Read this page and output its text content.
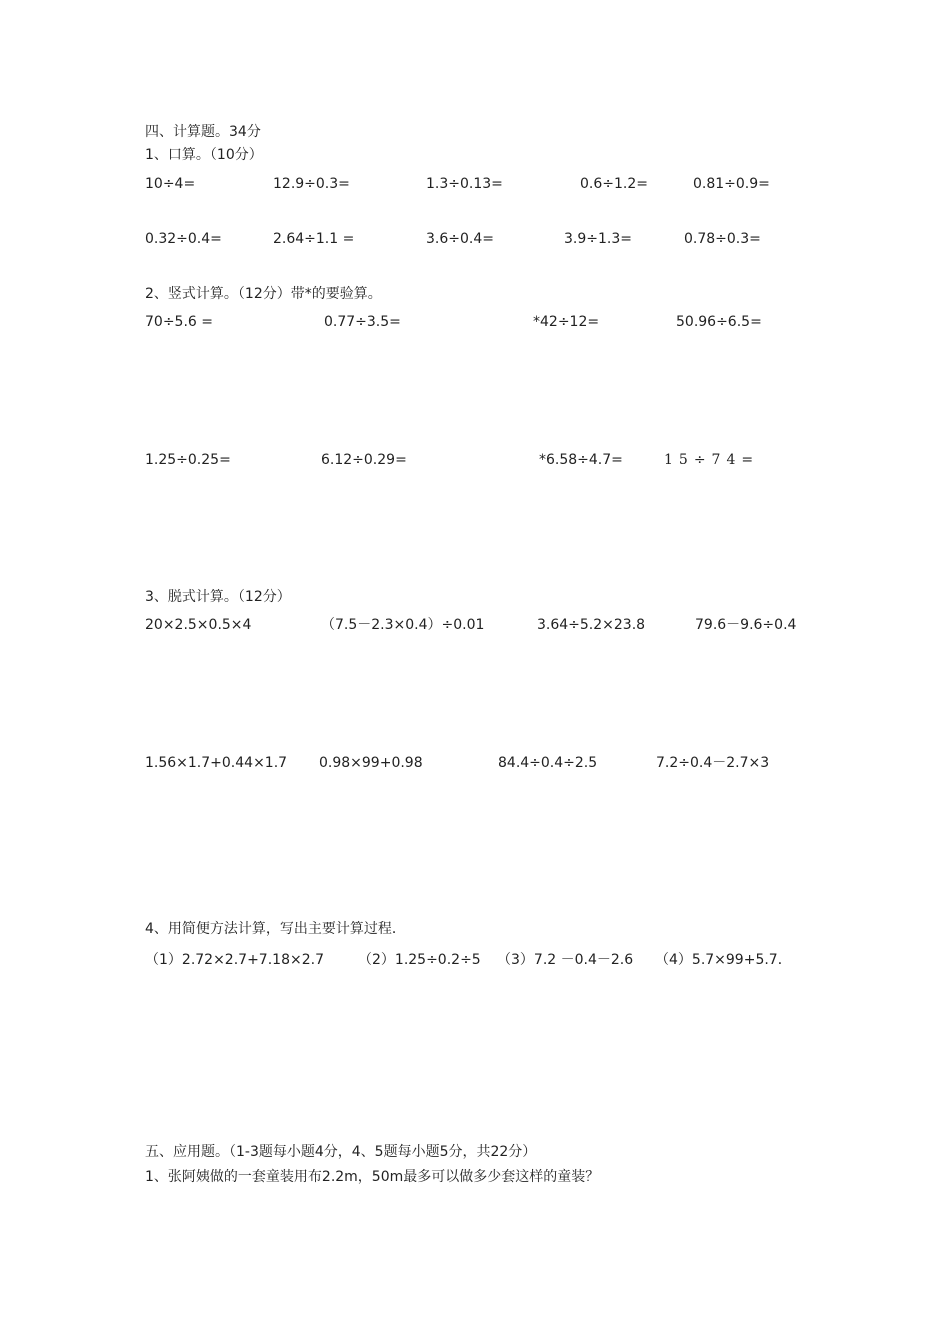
四、计算题。34分
1、口算。（10分）
10÷4=	12.9÷0.3=	1.3÷0.13=	0.6÷1.2=	0.81÷0.9=
0.32÷0.4=	2.64÷1.1 =	3.6÷0.4=	3.9÷1.3=	0.78÷0.3=
2、竖式计算。（12分）带*的要验算。
70÷5.6 =	0.77÷3.5=	*42÷12=	50.96÷6.5=
1.25÷0.25=	6.12÷0.29=	*6.58÷4.7=	15÷74=
3、脱式计算。（12分）
20×2.5×0.5×4	（7.5－2.3×0.4）÷0.01	3.64÷5.2×23.8	79.6－9.6÷0.4
1.56×1.7+0.44×1.7 0.98×99+0.98	84.4÷0.4÷2.5	7.2÷0.4－2.7×3
4、用简便方法计算，写出主要计算过程．
（1）2.72×2.7+7.18×2.7 （2）1.25÷0.2÷5 （3）7.2 －0.4－2.6 （4）5.7×99+5.7．
五、应用题。（1-3题每小题4分，4、5题每小题5分，共22分）
1、张阿姨做的一套童装用布2.2m，50m最多可以做多少套这样的童装？
